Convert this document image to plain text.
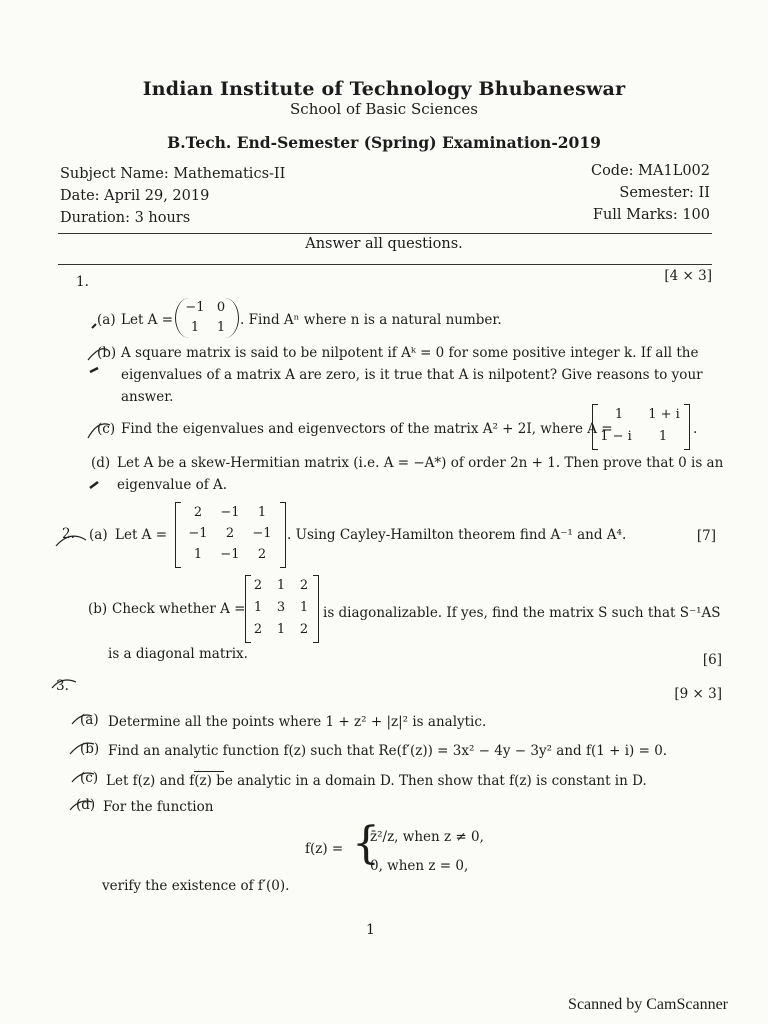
Indian Institute of Technology Bhubaneswar
School of Basic Sciences
B.Tech. End-Semester (Spring) Examination-2019
Subject Name: Mathematics-II
Date: April 29, 2019
Duration: 3 hours
Code: MA1L002
Semester: II
Full Marks: 100
Answer all questions.
1.	[4 × 3]
(a) Let A =
−1 0
1	1	. Find Aⁿ where n is a natural number.
(b) A square matrix is said to be nilpotent if Aᵏ = 0 for some positive integer k. If all the
eigenvalues of a matrix A are zero, is it true that A is nilpotent? Give reasons to your
answer.
(c) Find the eigenvalues and eigenvectors of the matrix A² + 2I, where A =
1	1 + i
1 − i	1	.
(d) Let A be a skew-Hermitian matrix (i.e. A = −A*) of order 2n + 1. Then prove that 0 is an
eigenvalue of A.
2. (a) Let A =
2	−1	1
−1	2	−1
1	−1	2
. Using Cayley-Hamilton theorem find A⁻¹ and A⁴.	[7]
(b) Check whether A =
2	1	2
1	3	1
2	1	2
is diagonalizable. If yes, find the matrix S such that S⁻¹AS
is a diagonal matrix.	[6]
3.	[9 × 3]
(a) Determine all the points where 1 + z² + |z|² is analytic.
(b) Find an analytic function f(z) such that Re(f′(z)) = 3x² − 4y − 3y² and f(1 + i) = 0.
(c) Let f(z) and f(z) be analytic in a domain D. Then show that f(z) is constant in D.
(d) For the function
f(z) = {
z̄²/z, when z ≠ 0,
0, when z = 0,
verify the existence of f′(0).
1
Scanned by CamScanner
